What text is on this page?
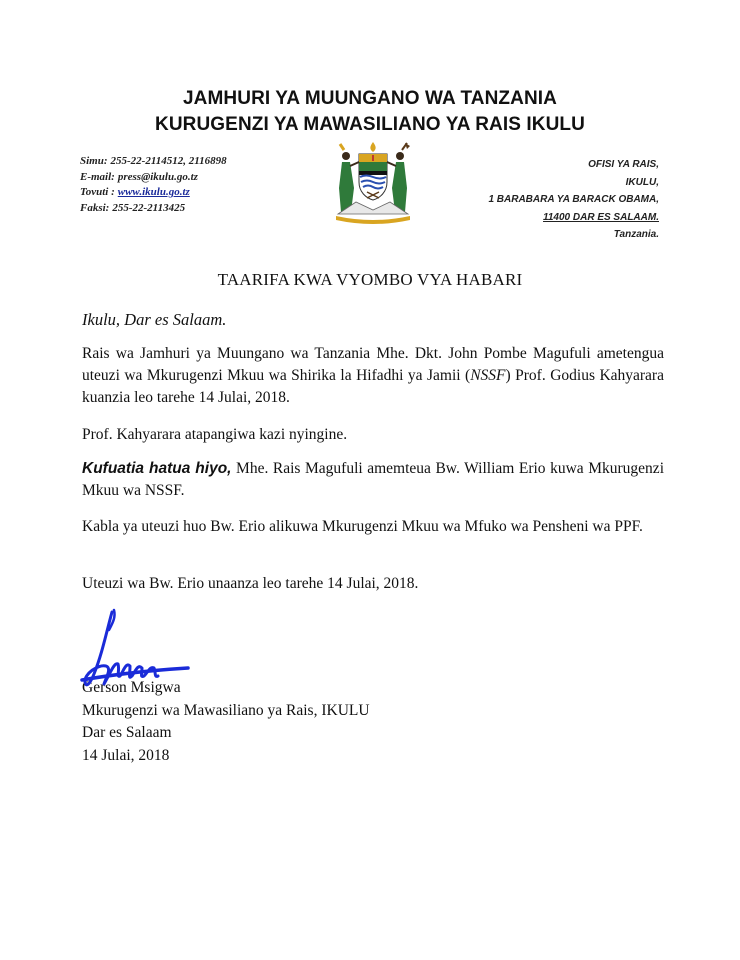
JAMHURI YA MUUNGANO WA TANZANIA
KURUGENZI YA MAWASILIANO YA RAIS IKULU
Simu: 255-22-2114512, 2116898
E-mail: press@ikulu.go.tz
Tovuti : www.ikulu.go.tz
Faksi: 255-22-2113425
OFISI YA RAIS,
IKULU,
1 BARABARA YA BARACK OBAMA,
11400 DAR ES SALAAM.
Tanzania.
TAARIFA KWA VYOMBO VYA HABARI
Ikulu, Dar es Salaam.
Rais wa Jamhuri ya Muungano wa Tanzania Mhe. Dkt. John Pombe Magufuli ametengua uteuzi wa Mkurugenzi Mkuu wa Shirika la Hifadhi ya Jamii (NSSF) Prof. Godius Kahyarara kuanzia leo tarehe 14 Julai, 2018.
Prof. Kahyarara atapangiwa kazi nyingine.
Kufuatia hatua hiyo, Mhe. Rais Magufuli amemteua Bw. William Erio kuwa Mkurugenzi Mkuu wa NSSF.
Kabla ya uteuzi huo Bw. Erio alikuwa Mkurugenzi Mkuu wa Mfuko wa Pensheni wa PPF.
Uteuzi wa Bw. Erio unaanza leo tarehe 14 Julai, 2018.
Gerson Msigwa
Mkurugenzi wa Mawasiliano ya Rais, IKULU
Dar es Salaam
14 Julai, 2018
